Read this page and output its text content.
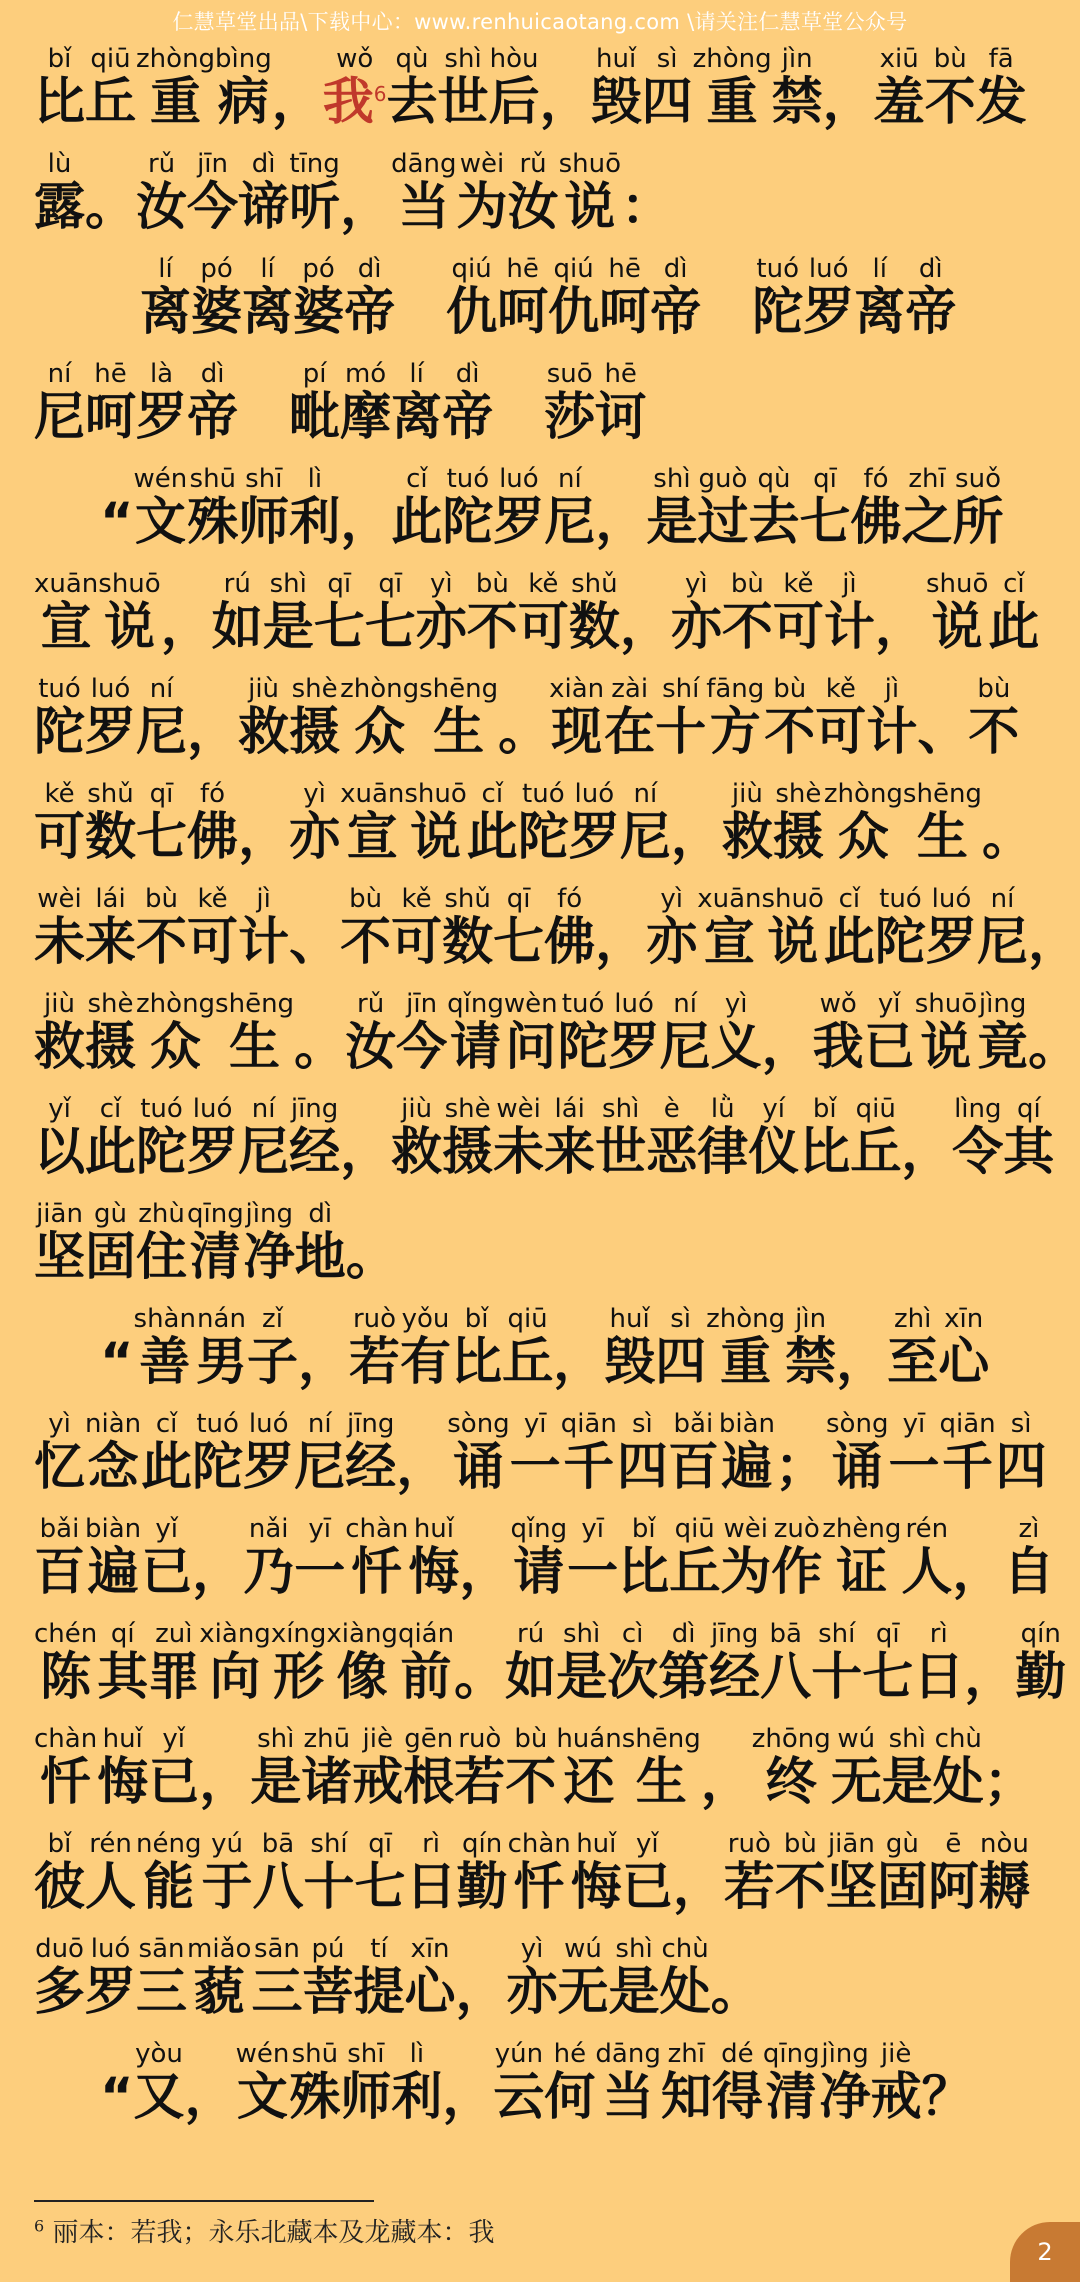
仁慧草堂出品\下载中心：www.renhuicaotang.com \请关注仁慧草堂公众号
比bǐ
丘qiū
重zhòng
病bìng
， 我$^6$wǒ
去qù
世shì
后hòu
， 毁huǐ
四sì
重zhòng
禁jìn
， 羞xiū
不bù
发fā
露lù
。 汝rǔ
今jīn
谛dì
听tīng
， 当dāng
为wèi
汝rǔ
说shuō
：
离lí
婆pó
离lí
婆pó
帝dì

仇qiú
呵hē
仇qiú
呵hē
帝dì

陀tuó
罗luó
离lí
帝dì
尼ní
呵hē
罗là
帝dì

毗pí
摩mó
离lí
帝dì

莎suō
诃hē
“ 文wén
殊shū
师shī
利lì
， 此cǐ
陀tuó
罗luó
尼ní
， 是shì
过guò
去qù
七qī
佛fó
之zhī
所suǒ
宣xuān
说shuō
， 如rú
是shì
七qī
七qī
亦yì
不bù
可kě
数shǔ
， 亦yì
不bù
可kě
计jì
， 说shuō
此cǐ
陀tuó
罗luó
尼ní
， 救jiù
摄shè
众zhòng
生shēng
。 现xiàn
在zài
十shí
方fāng
不bù
可kě
计jì
、 不bù
可kě
数shǔ
七qī
佛fó
， 亦yì
宣xuān
说shuō
此cǐ
陀tuó
罗luó
尼ní
， 救jiù
摄shè
众zhòng
生shēng
。
未wèi
来lái
不bù
可kě
计jì
、 不bù
可kě
数shǔ
七qī
佛fó
， 亦yì
宣xuān
说shuō
此cǐ
陀tuó
罗luó
尼ní
，
救jiù
摄shè
众zhòng
生shēng
。 汝rǔ
今jīn
请qǐng
问wèn
陀tuó
罗luó
尼ní
义yì
， 我wǒ
已yǐ
说shuō
竟jìng
。
以yǐ
此cǐ
陀tuó
罗luó
尼ní
经jīng
， 救jiù
摄shè
未wèi
来lái
世shì
恶è
律lǜ
仪yí
比bǐ
丘qiū
， 令lìng
其qí
坚jiān
固gù
住zhù
清qīng
净jìng
地dì
。
“ 善shàn
男nán
子zǐ
， 若ruò
有yǒu
比bǐ
丘qiū
， 毁huǐ
四sì
重zhòng
禁jìn
， 至zhì
心xīn
忆yì
念niàn
此cǐ
陀tuó
罗luó
尼ní
经jīng
， 诵sòng
一yī
千qiān
四sì
百bǎi
遍biàn
； 诵sòng
一yī
千qiān
四sì
百bǎi
遍biàn
已yǐ
， 乃nǎi
一yī
忏chàn
悔huǐ
， 请qǐng
一yī
比bǐ
丘qiū
为wèi
作zuò
证zhèng
人rén
， 自zì
陈chén
其qí
罪zuì
向xiàng
形xíng
像xiàng
前qián
。 如rú
是shì
次cì
第dì
经jīng
八bā
十shí
七qī
日rì
， 勤qín
忏chàn
悔huǐ
已yǐ
， 是shì
诸zhū
戒jiè
根gēn
若ruò
不bù
还huán
生shēng
， 终zhōng
无wú
是shì
处chù
；
彼bǐ
人rén
能néng
于yú
八bā
十shí
七qī
日rì
勤qín
忏chàn
悔huǐ
已yǐ
， 若ruò
不bù
坚jiān
固gù
阿ē
耨nòu
多duō
罗luó
三sān
藐miǎo
三sān
菩pú
提tí
心xīn
， 亦yì
无wú
是shì
处chù
。
“ 又yòu
， 文wén
殊shū
师shī
利lì
， 云yún
何hé
当dāng
知zhī
得dé
清qīng
净jìng
戒jiè
？
$^6$ 丽本：若我；永乐北藏本及龙藏本：我
2
